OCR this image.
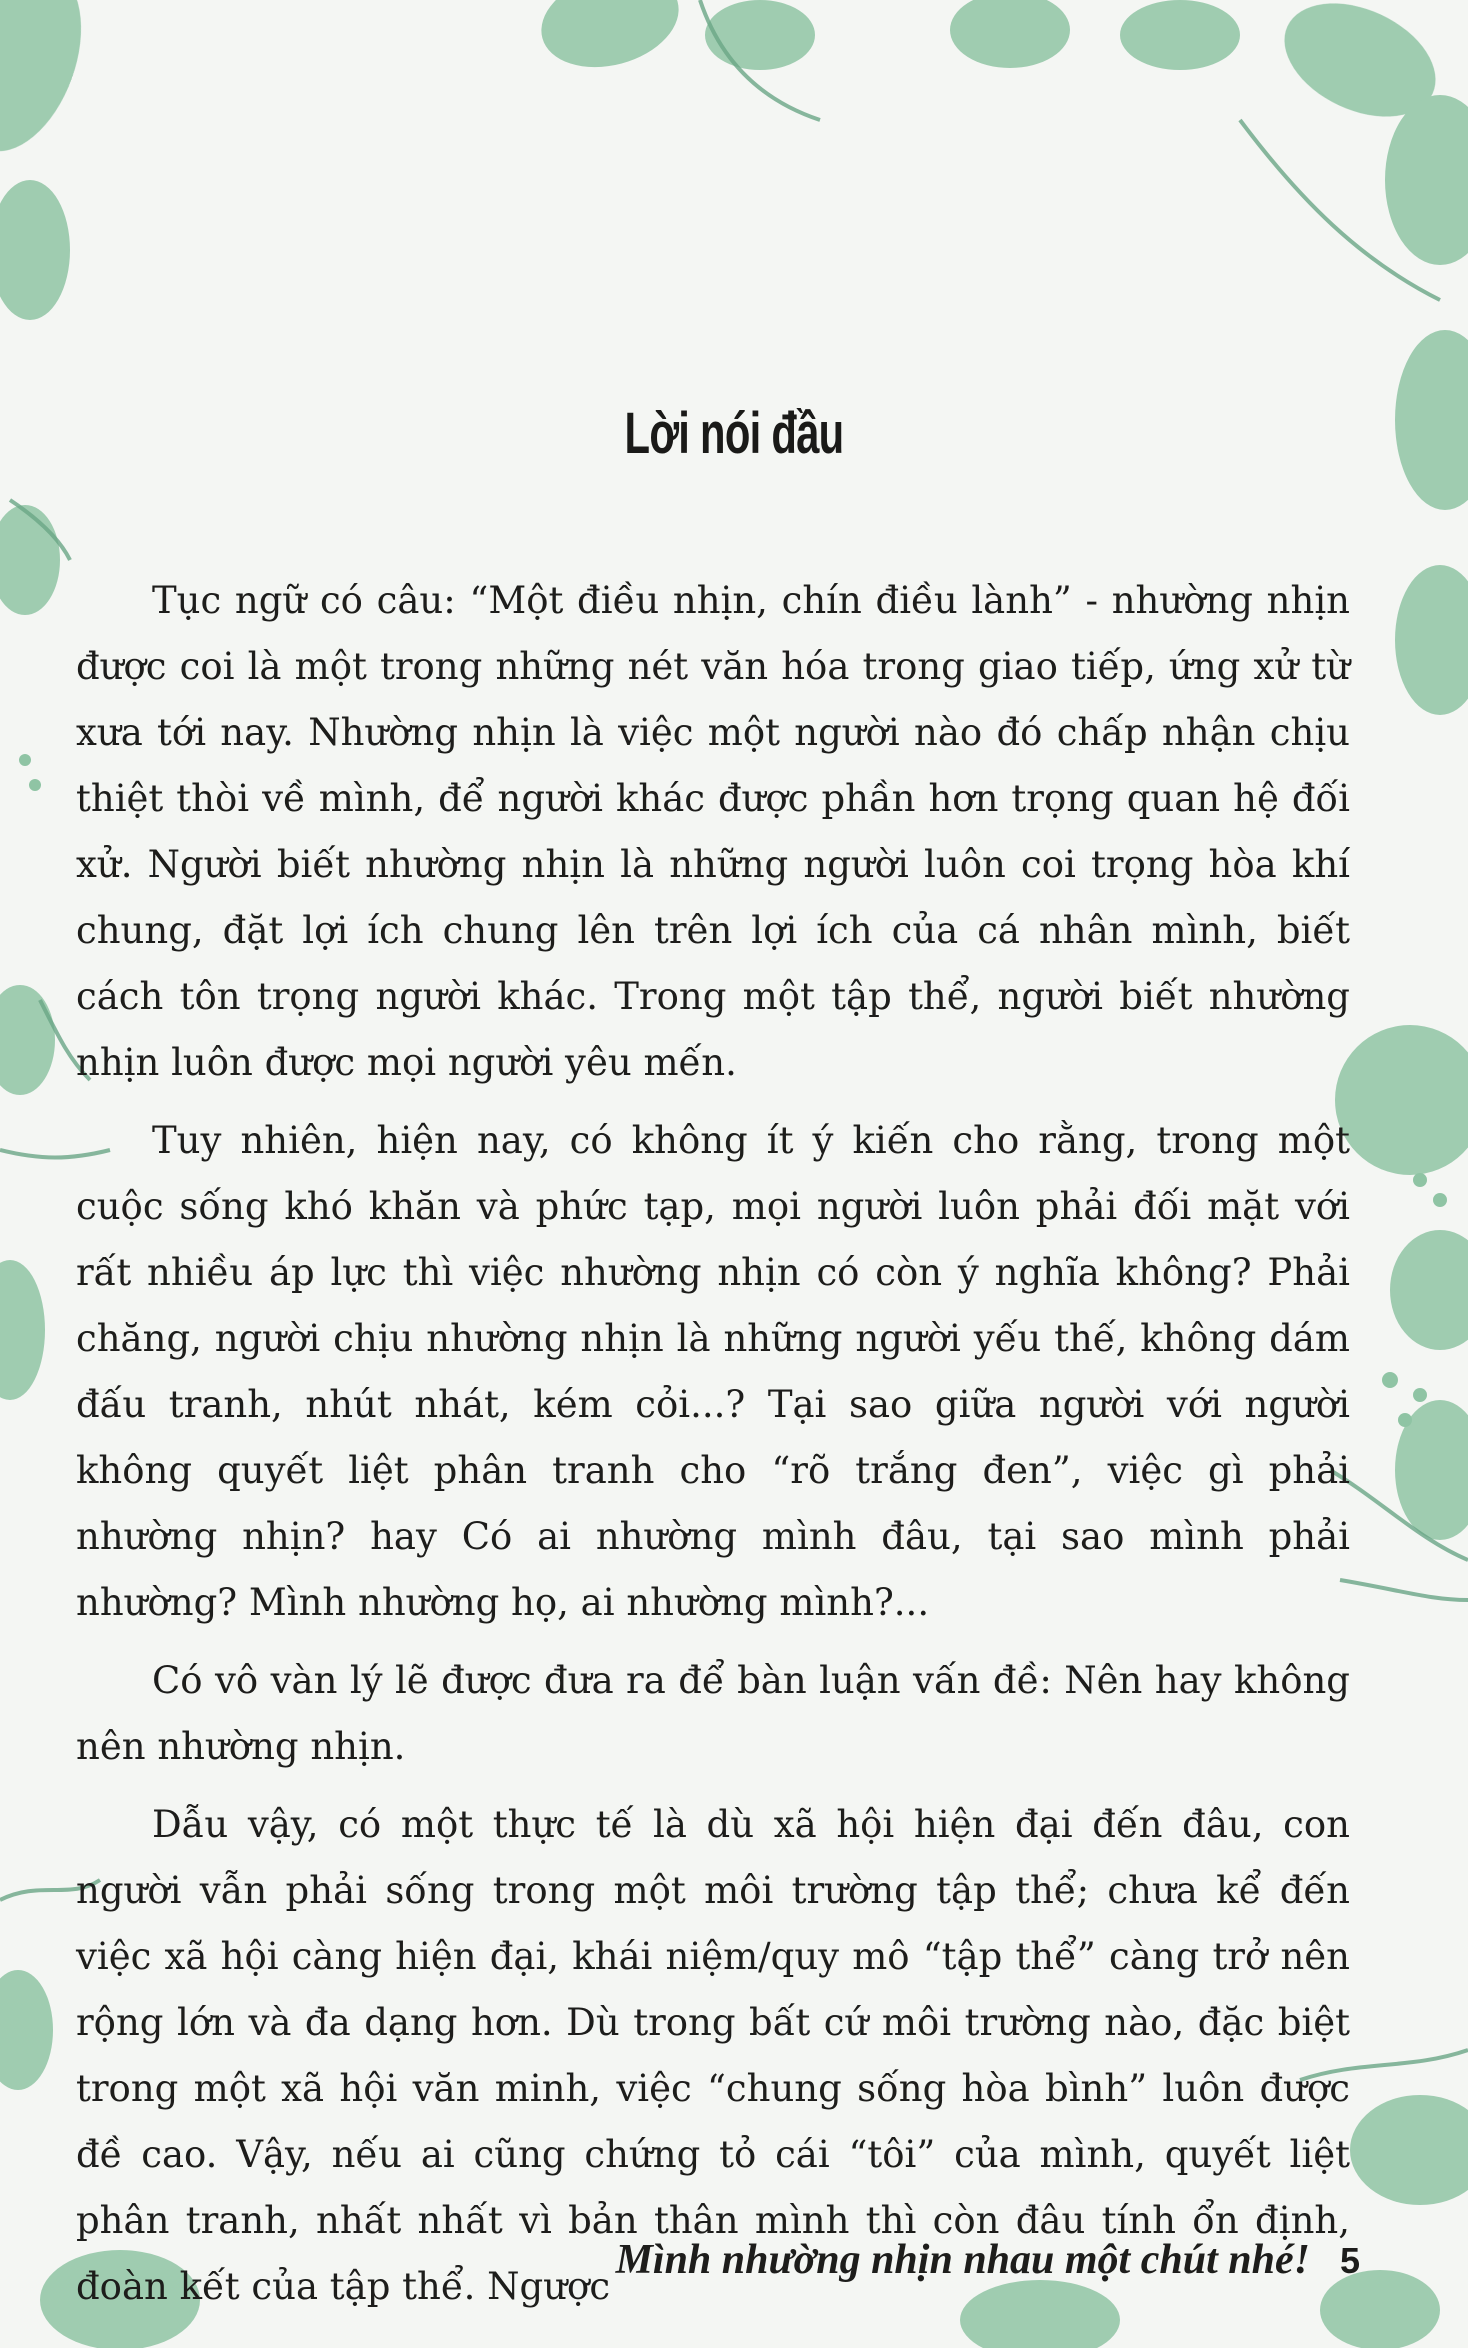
Lời nói đầu

Tục ngữ có câu: “Một điều nhịn, chín điều lành” - nhường nhịn được coi là một trong những nét văn hóa trong giao tiếp, ứng xử từ xưa tới nay. Nhường nhịn là việc một người nào đó chấp nhận chịu thiệt thòi về mình, để người khác được phần hơn trọng quan hệ đối xử. Người biết nhường nhịn là những người luôn coi trọng hòa khí chung, đặt lợi ích chung lên trên lợi ích của cá nhân mình, biết cách tôn trọng người khác. Trong một tập thể, người biết nhường nhịn luôn được mọi người yêu mến.

Tuy nhiên, hiện nay, có không ít ý kiến cho rằng, trong một cuộc sống khó khăn và phức tạp, mọi người luôn phải đối mặt với rất nhiều áp lực thì việc nhường nhịn có còn ý nghĩa không? Phải chăng, người chịu nhường nhịn là những người yếu thế, không dám đấu tranh, nhút nhát, kém cỏi...? Tại sao giữa người với người không quyết liệt phân tranh cho “rõ trắng đen”, việc gì phải nhường nhịn? hay Có ai nhường mình đâu, tại sao mình phải nhường? Mình nhường họ, ai nhường mình?...

Có vô vàn lý lẽ được đưa ra để bàn luận vấn đề: Nên hay không nên nhường nhịn.

Dẫu vậy, có một thực tế là dù xã hội hiện đại đến đâu, con người vẫn phải sống trong một môi trường tập thể; chưa kể đến việc xã hội càng hiện đại, khái niệm/quy mô “tập thể” càng trở nên rộng lớn và đa dạng hơn. Dù trong bất cứ môi trường nào, đặc biệt trong một xã hội văn minh, việc “chung sống hòa bình” luôn được đề cao. Vậy, nếu ai cũng chứng tỏ cái “tôi” của mình, quyết liệt phân tranh, nhất nhất vì bản thân mình thì còn đâu tính ổn định, đoàn kết của tập thể. Ngược

Mình nhường nhịn nhau một chút nhé! 5
